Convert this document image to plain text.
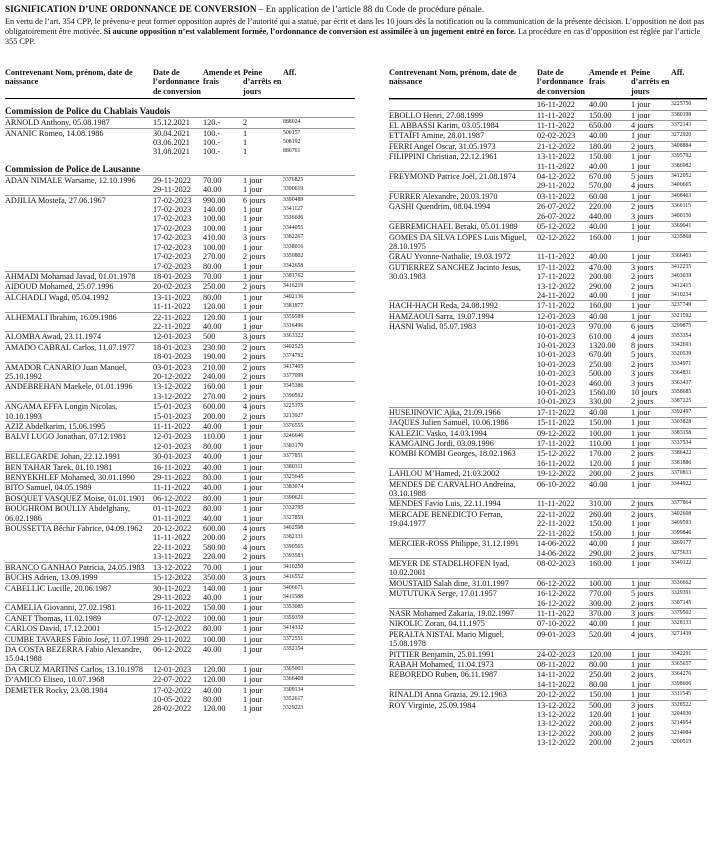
SIGNIFICATION D’UNE ORDONNANCE DE CONVERSION – En application de l’article 88 du Code de procédure pénale.
En vertu de l’art. 354 CPP, le prévenu-e peut former opposition auprès de l’autorité qui a statué, par écrit et dans les 10 jours dès la notification ou la communication de la présente décision. L’opposition ne doit pas obligatoirement être motivée. Si aucune opposition n’est valablement formée, l’ordonnance de conversion est assimilée à un jugement entré en force. La procédure en cas d’opposition est réglée par l’article 355 CPP.
Contrevenant Nom, prénom, date de naissance
Date de l’ordonnance de conversion
Amende et frais
Peine d’arrêts en jours
Aff.
Commission de Police du Chablais Vaudois
ARNOLD Anthony, 05.08.1987	15.12.2021	120.-	2	888024
ANANIC Romeo, 14.08.1986	30.04.2021	100.-	1	500157
03.06.2021	100.-	1	508192
31.08.2021	100.-	1	886761
Commission de Police de Lausanne
ADAN NIMALE Warsame, 12.10.1996	29-11-2022	70.00	1 jour	3376825
29-11-2022	40.00	1 jour	3390619
ADJILIA Mostefa, 27.06.1967	17-02-2023	990.00	6 jours	3390489
17-02-2023	140.00	1 jour	3341127
17-02-2023	100.00	1 jour	3336606
17-02-2023	100.00	1 jour	3344055
17-02-2023	410.00	3 jours	3382267
17-02-2023	100.00	1 jour	3338016
17-02-2023	270.00	2 jours	3350802
17-02-2023	80.00	1 jour	3342658
AHMADI Mohamad Javad, 01.01.1978	18-01-2023	70.00	1 jour	3381762
AIDOUD Mohamed, 25.07.1996	20-02-2023	250.00	2 jours	3416219
ALCHADLI Wagd, 05.04.1992	13-11-2022	80.00	1 jour	3402136
11-11-2022	120.00	1 jour	3381877
ALHEMALI Ibrahim, 16.09.1986	22-11-2022	120.00	1 jour	3359589
22-11-2022	40.00	1 jour	3316496
ALOMBA Awad, 23.11.1974	12-01-2023	500	3 jours	3363322
AMADO CABRAL Carlos, 11.07.1977	18-01-2023	230.00	2 jours	3402525
18-01-2023	190.00	2 jours	3374792
AMADOR CANARIO Juan Manuel, 25.10.1992
03-01-2023	210.00	2 jours	3417405
20-12-2022	240.00	2 jours	3377099
ANDEBREHAN Maekele, 01.01.1996	13-12-2022	160.00	1 jour	3345386
13-12-2022	270.00	2 jours	3390592
ANGAMA EFFA Longin Nicolas, 10.10.1993
15-01-2023	600.00	4 jours	3225375
15-01-2023	200.00	2 jours	3213927
AZIZ Abdelkarim, 15.06.1995	11-11-2022	40.00	1 jour	3376555
BALVI LUGO Jonathan, 07.12.1981	12-01-2023	110.00	1 jour	3246646
12-01-2023	80.00	1 jour	3383170
BELLEGARDE Johan, 22.12.1991	30-01-2023	40.00	1 jour	3377851
BEN TAHAR Tarek, 01.10.1981	16-11-2022	40.00	1 jour	3380311
BENYEKHLEF Mohamed, 30.01.1990	29-11-2022	80.00	1 jour	3325645
BITO Samuel, 04.05.1989	11-11-2022	40.00	1 jour	3383074
BOSQUET VASQUEZ Moise, 01.01.1901 06-12-2022	80.00	1 jour	3390621
BOUGHROM BOULLY Abdelghany, 06.02.1986
01-11-2022	80.00	1 jour	3332795
01-11-2022	40.00	1 jour	3327859
BOUSSETTA Béchir Fabrice, 04.09.1962	20-12-2022	600.00	4 jours	3402598
11-11-2022	200.00	2 jours	3382131
22-11-2022	580.00	4 jours	3390565
13-11-2022	220.00	2 jours	3393583
BRANCO GANHAO Patricia, 24.05.1983	13-12-2022	70.00	1 jour	3410250
BUCHS Adrien, 13.09.1999	15-12-2022	350.00	3 jours	3416552
CABELLIC Lucille, 20.06.1987	30-11-2022	140.00	1 jour	3406671
29-11-2022	40.00	1 jour	3411588
CAMELIA Giovanni, 27.02.1981	16-11-2022	150.00	1 jour	3353085
CANET Thomas, 11.02.1989	07-12-2022	100.00	1 jour	3359359
CARLOS David, 17.12.2001	15-12-2022	80.00	1 jour	3414332
CUMBE TAVARES Fábio José, 11.07.1998 29-11-2022	100.00	1 jour	3372551
DA COSTA BEZERRA Fabio Alexandre, 15.04.1988
06-12-2022	40.00	1 jour	3352154
DA CRUZ MARTINS Carlos, 13.10.1978	12-01-2023	120.00	1 jour	3365003
D’AMICO Eliseo, 10.07.1968	22-07-2022	120.00	1 jour	3366408
DEMETER Rocky, 23.08.1984	17-02-2022	40.00	1 jour	3309134
10-05-2022	80.00	1 jour	3352617
28-02-2022	120.00	1 jour	3329223
Contrevenant Nom, prénom, date de naissance
Date de l’ordonnance de conversion
Amende et frais
Peine d’arrêts en jours
Aff.
16-11-2022	40.00	1 jour	3225750
EBOLLO Henri, 27.08.1999	11-11-2022	150.00	1 jour	3380198
EL ABBASSI Karim, 03.05.1984	11-11-2022	650.00	4 jours	3372143
ETTAÏFI Amine, 28.01.1987	02-02-2023	40.00	1 jour	3272920
FERRI Angel Oscar, 31.05.1973	21-12-2022	180.00	2 jours	3408884
FILIPPINI Christian, 22.12.1961	13-11-2022	150.00	1 jour	3395792
11-11-2022	40.00	1 jour	3386982
FREYMOND Patrice Joël, 21.08.1974	04-12-2022	670.00	5 jours	3412052
29-11-2022	570.00	4 jours	3400665
FURRER Alexandre, 20.03.1970	03-11-2022	60.00	1 jour	3408463
GASHI Quendrim, 08.04.1994	26-07-2022	220.00	2 jours	3366115
26-07-2022	440.00	3 jours	3400150
GEBREMICHAEL Beraki, 05.01.1989	05-12-2022	40.00	1 jour	3369041
GOMES DA SILVA LOPES Luis Miguel, 28.10.1975
02-12-2022	160.00	1 jour	3235868
GRAU Yvonne-Nathalie, 19.03.1972	11-11-2022	40.00	1 jour	3366403
GUTIERREZ SANCHEZ Jacinto Jesus, 30.03.1983
17-11-2022	470.00	3 jours	3412235
17-11-2022	200.00	2 jours	3403039
13-12-2022	290.00	2 jours	3412415
24-11-2022	40.00	1 jour	3410234
HACH-HACH Reda, 24.08.1992	17-11-2022	160.00	1 jour	3237749
HAMZAOUI Sarra, 19.07.1994	12-01-2023	40.00	1 jour	3321592
HASNI Walid, 05.07.1983	10-01-2023	970.00	6 jours	3299875
10-01-2023	610.00	4 jours	3353354
10-01-2023	1320.00	8 jours	3342693
10-01-2023	670.00	5 jours	3320539
10-01-2023	250.00	2 jours	3334971
10-01-2023	500.00	3 jours	3364831
10-01-2023	460.00	3 jours	3363437
10-01-2023	1560.00	10 jours	3358685
10-01-2023	330.00	2 jours	3387225
HUSEJINOVIC Ajka, 21.09.1966	17-11-2022	40.00	1 jour	3392497
JAQUES Julien Samuël, 10.06.1986	15-11-2022	150.00	1 jour	3303828
KALEZIC Vasko, 14.03.1994	09-12-2022	100.00	1 jour	3383158
KAMGAING Jordi, 03.09.1996	17-11-2022	110.00	1 jour	3337534
KOMBI KOMBI Georges, 18.02.1963	15-12-2022	170.00	2 jours	3386422
16-11-2022	120.00	1 jour	3381886
LAHLOU M’Hamed, 21.03.2002	19-12-2022	200.00	2 jours	3370813
MENDES DE CARVALHO Andreina, 03.10.1988
06-10-2022	40.00	1 jour	3344922
MENDES Favio Luis, 22.11.1994	11-11-2022	310.00	2 jours	3377864
MERCADE BENEDICTO Ferran, 19.04.1977
22-11-2022	260.00	2 jours	3402608
22-11-2022	150.00	1 jour	3409593
22-11-2022	150.00	1 jour	3399846
MERCIER-ROSS Philippe, 31.12.1991	14-06-2022	40.00	1 jour	3269177
14-06-2022	290.00	2 jours	3275633
MEYER DE STADELHOFEN Iyad, 10.02.2001
08-02-2023	160.00	1 jour	3349122
MOUSTAID Salah dine, 31.01.1997	06-12-2022	100.00	1 jour	3336662
MUTUTUKA Serge, 17.01.1957	16-12-2022	770.00	5 jours	3329391
16-12-2022	300.00	2 jours	3307145
NASR Mohamed Zakaria, 19.02.1997	11-11-2022	370.00	3 jours	3379502
NIKOLIC Zoran, 04.11.1975	07-10-2022	40.00	1 jour	3328133
PERALTA NISTAL Mario Miguel, 15.08.1978
09-01-2023	520.00	4 jours	3271439
PITTIER Benjamin, 25.01.1991	24-02-2023	120.00	1 jour	3342291
RABAH Mohamed, 11.04.1973	08-11-2022	80.00	1 jour	3365657
REBOREDO Ruben, 06.11.1987	14-11-2022	250.00	2 jours	3364276
14-11-2022	80.00	1 jour	3398606
RINALDI Anna Grazia, 29.12.1963	20-12-2022	150.00	1 jour	3311545
ROY Virginie, 25.09.1984	13-12-2022	500.00	3 jours	3328522
13-12-2022	120.00	1 jour	3204930
13-12-2022	200.00	2 jours	3214954
13-12-2022	200.00	2 jours	3214084
13-12-2022	200.00	2 jours	3200519
